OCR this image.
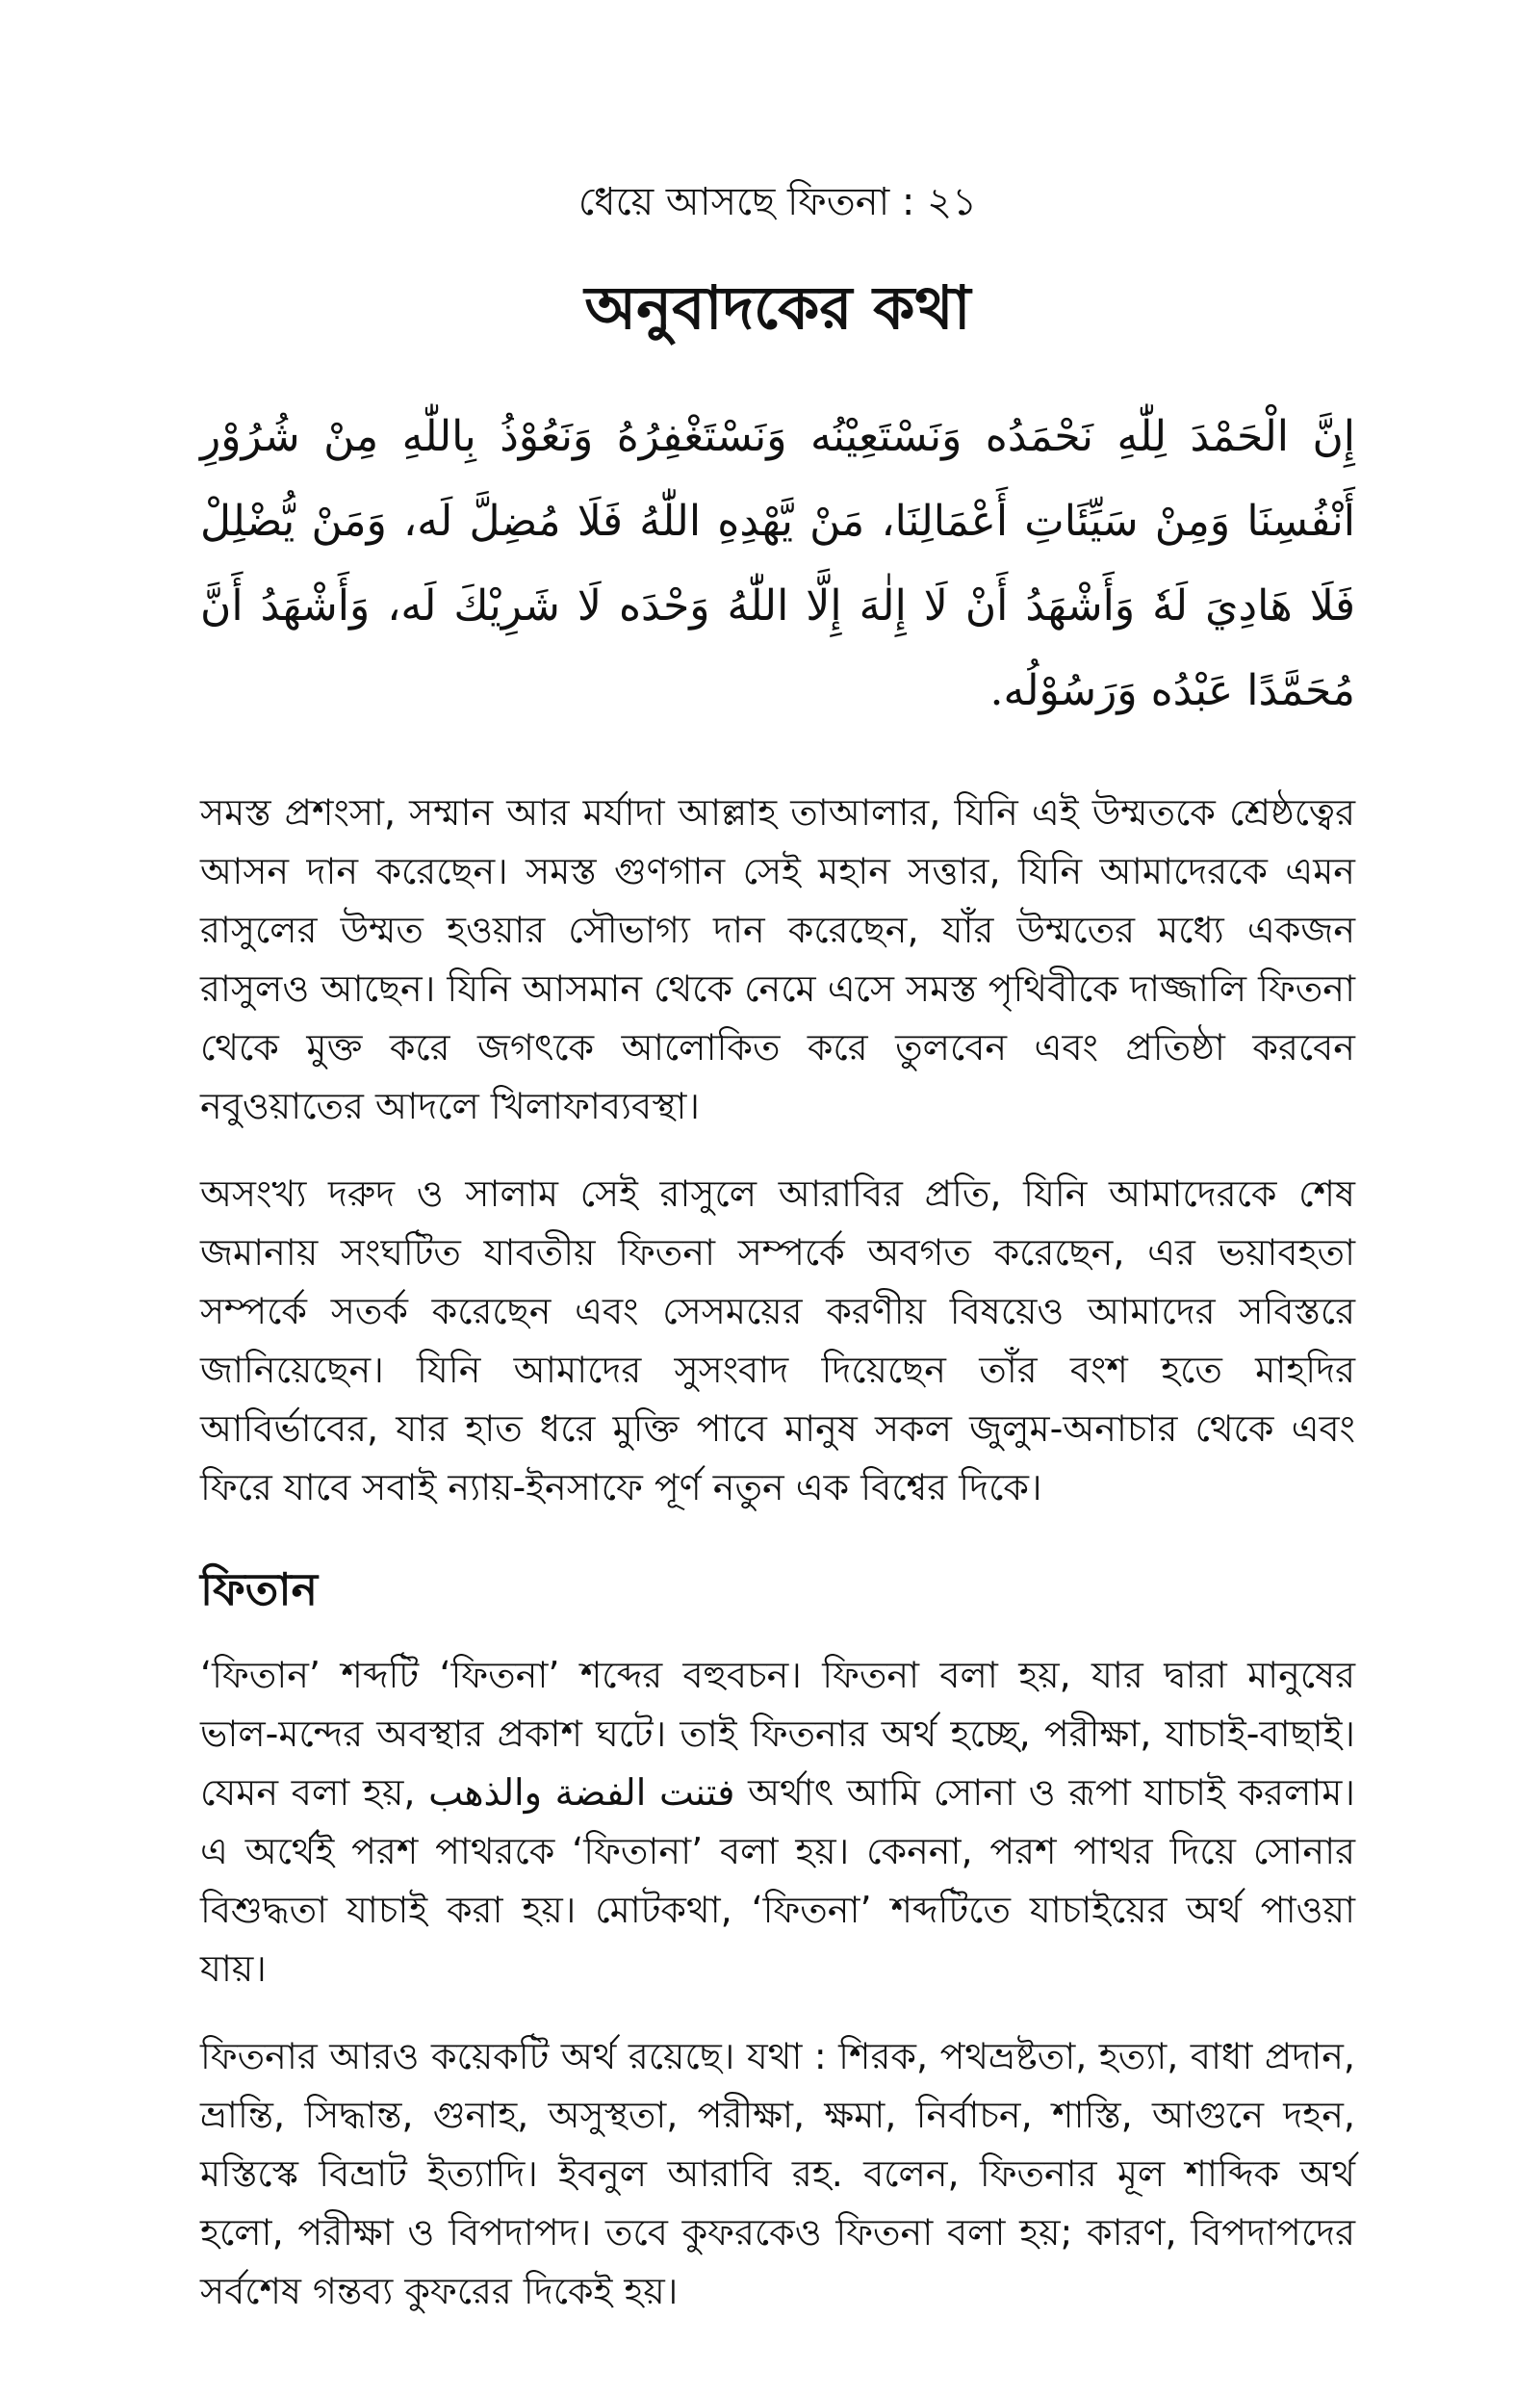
ধেয়ে আসছে ফিতনা : ২১
অনুবাদকের কথা

إِنَّ الْحَمْدَ لِلّٰهِ نَحْمَدُه وَنَسْتَعِيْنُه وَنَسْتَغْفِرُهُ وَنَعُوْذُ بِاللّٰهِ مِنْ شُرُوْرِ أَنْفُسِنَا وَمِنْ سَيِّئَاتِ أَعْمَالِنَا، مَنْ يَّهْدِهِ اللّٰهُ فَلَا مُضِلَّ لَه، وَمَنْ يُّضْلِلْ فَلَا هَادِيَ لَهٗ وَأَشْهَدُ أَنْ لَا إِلٰهَ إِلَّا اللّٰهُ وَحْدَه لَا شَرِيْكَ لَه، وَأَشْهَدُ أَنَّ مُحَمَّدًا عَبْدُه وَرَسُوْلُه.

সমস্ত প্রশংসা, সম্মান আর মর্যাদা আল্লাহ তাআলার, যিনি এই উম্মতকে শ্রেষ্ঠত্বের আসন দান করেছেন। সমস্ত গুণগান সেই মহান সত্তার, যিনি আমাদেরকে এমন রাসুলের উম্মত হওয়ার সৌভাগ্য দান করেছেন, যাঁর উম্মতের মধ্যে একজন রাসুলও আছেন। যিনি আসমান থেকে নেমে এসে সমস্ত পৃথিবীকে দাজ্জালি ফিতনা থেকে মুক্ত করে জগৎকে আলোকিত করে তুলবেন এবং প্রতিষ্ঠা করবেন নবুওয়াতের আদলে খিলাফাব্যবস্থা।

অসংখ্য দরুদ ও সালাম সেই রাসুলে আরাবির প্রতি, যিনি আমাদেরকে শেষ জমানায় সংঘটিত যাবতীয় ফিতনা সম্পর্কে অবগত করেছেন, এর ভয়াবহতা সম্পর্কে সতর্ক করেছেন এবং সেসময়ের করণীয় বিষয়েও আমাদের সবিস্তরে জানিয়েছেন। যিনি আমাদের সুসংবাদ দিয়েছেন তাঁর বংশ হতে মাহদির আবির্ভাবের, যার হাত ধরে মুক্তি পাবে মানুষ সকল জুলুম-অনাচার থেকে এবং ফিরে যাবে সবাই ন্যায়-ইনসাফে পূর্ণ নতুন এক বিশ্বের দিকে।

ফিতান

‘ফিতান’ শব্দটি ‘ফিতনা’ শব্দের বহুবচন। ফিতনা বলা হয়, যার দ্বারা মানুষের ভাল-মন্দের অবস্থার প্রকাশ ঘটে। তাই ফিতনার অর্থ হচ্ছে, পরীক্ষা, যাচাই-বাছাই। যেমন বলা হয়, فتنت الفضة والذهب অর্থাৎ আমি সোনা ও রূপা যাচাই করলাম। এ অর্থেই পরশ পাথরকে ‘ফিতানা’ বলা হয়। কেননা, পরশ পাথর দিয়ে সোনার বিশুদ্ধতা যাচাই করা হয়। মোটকথা, ‘ফিতনা’ শব্দটিতে যাচাইয়ের অর্থ পাওয়া যায়।

ফিতনার আরও কয়েকটি অর্থ রয়েছে। যথা : শিরক, পথভ্রষ্টতা, হত্যা, বাধা প্রদান, ভ্রান্তি, সিদ্ধান্ত, গুনাহ, অসুস্থতা, পরীক্ষা, ক্ষমা, নির্বাচন, শাস্তি, আগুনে দহন, মস্তিস্কে বিভ্রাট ইত্যাদি। ইবনুল আরাবি রহ. বলেন, ফিতনার মূল শাব্দিক অর্থ হলো, পরীক্ষা ও বিপদাপদ। তবে কুফরকেও ফিতনা বলা হয়; কারণ, বিপদাপদের সর্বশেষ গন্তব্য কুফরের দিকেই হয়।
